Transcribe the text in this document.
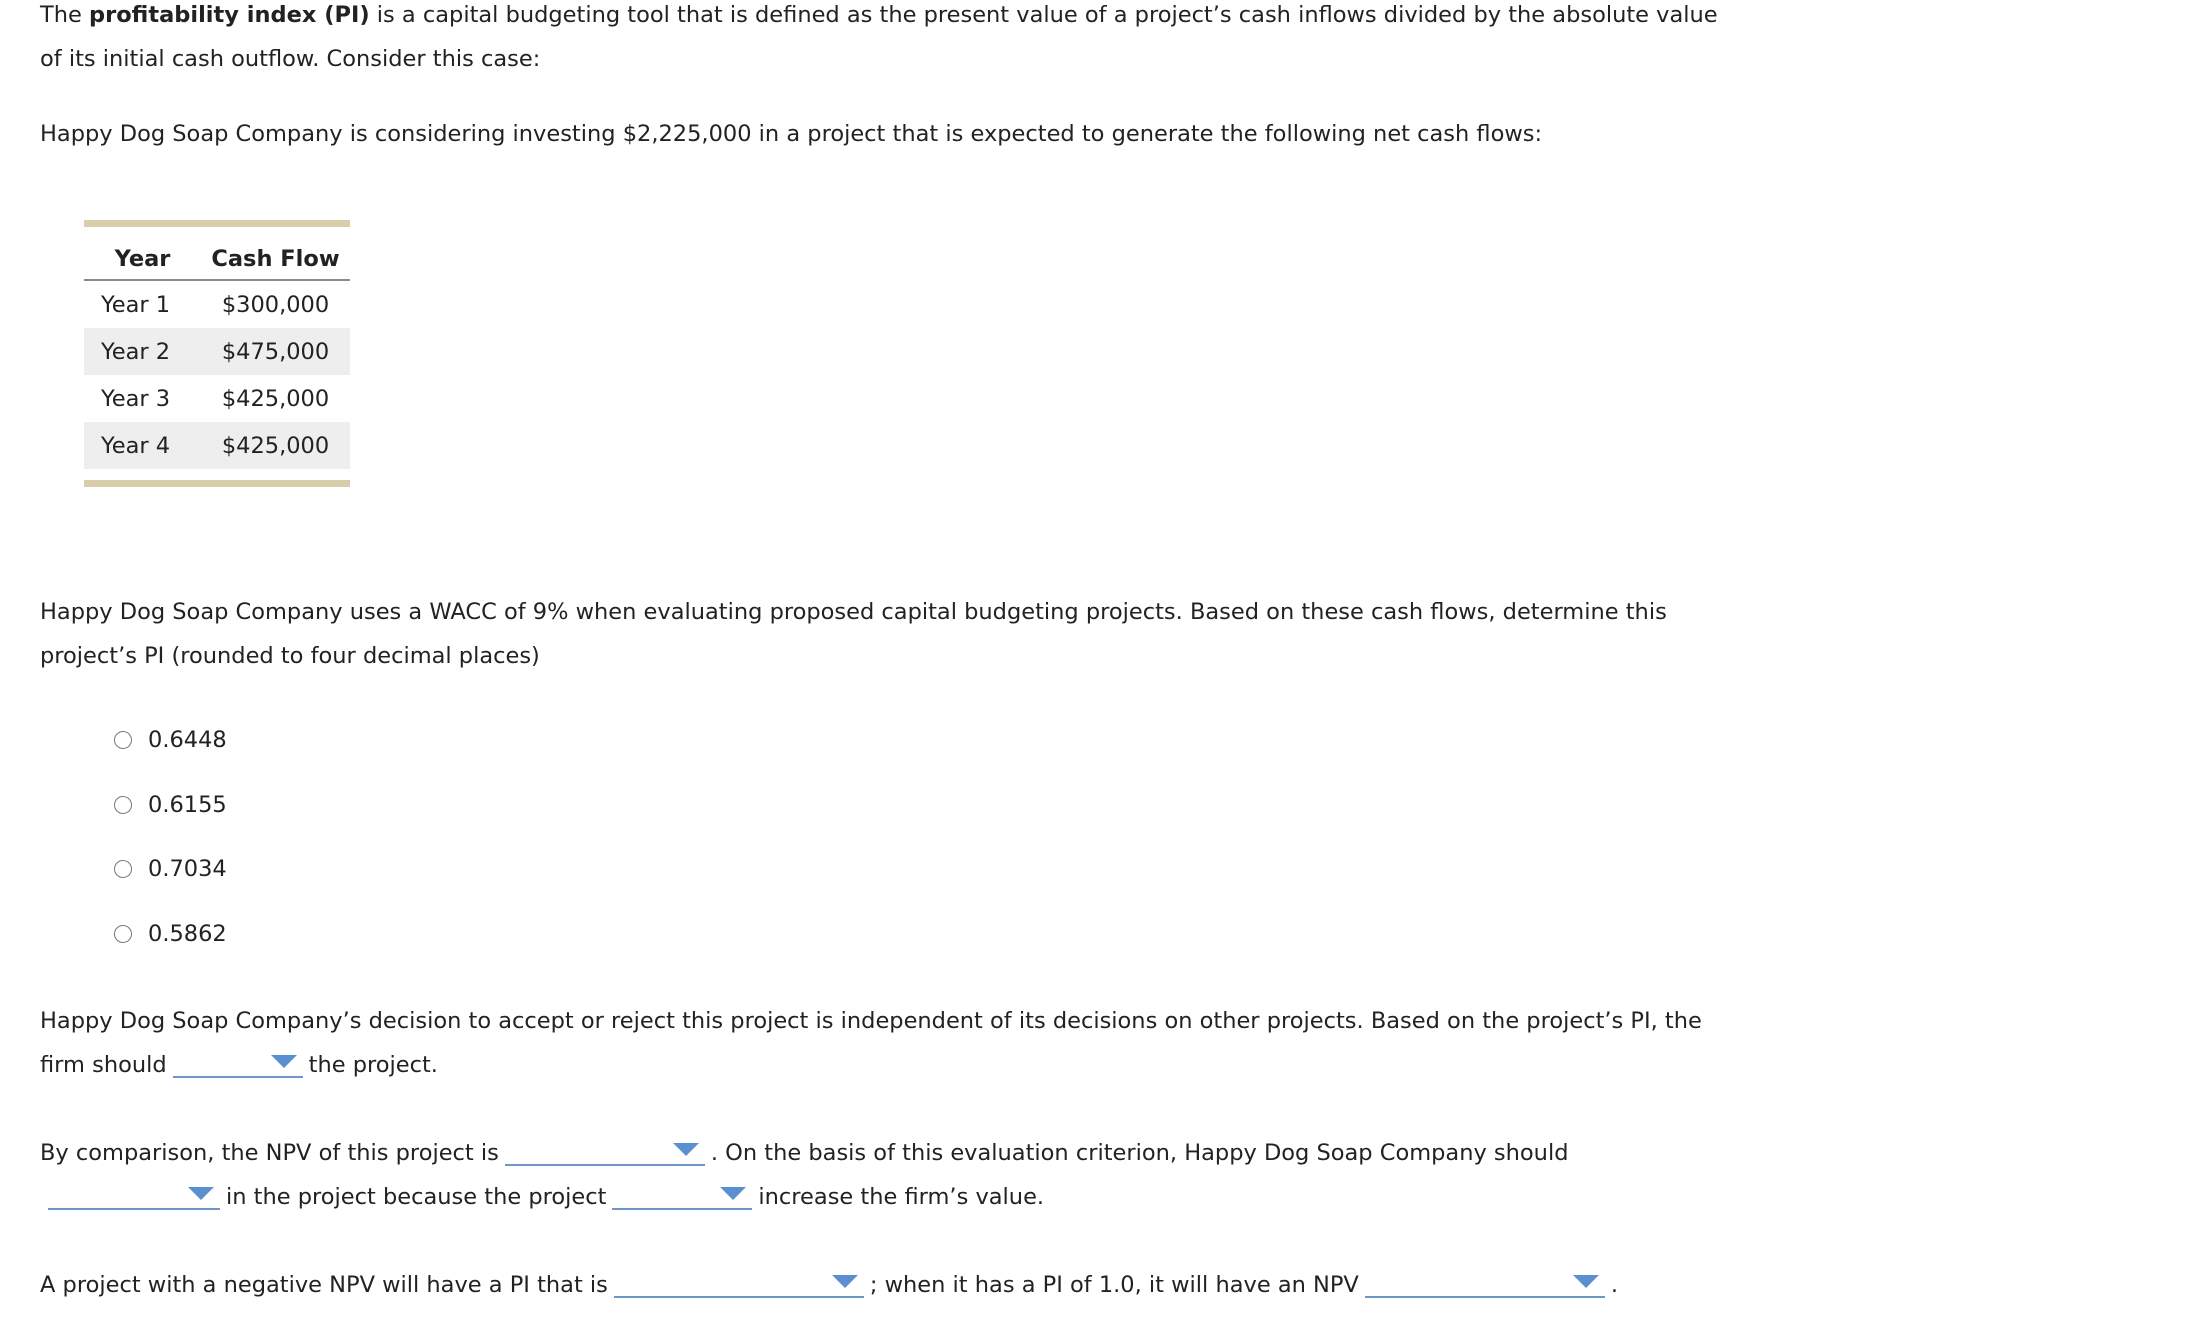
The profitability index (PI) is a capital budgeting tool that is defined as the present value of a project’s cash inflows divided by the absolute value of its initial cash outflow. Consider this case:

Happy Dog Soap Company is considering investing $2,225,000 in a project that is expected to generate the following net cash flows:

Year	Cash Flow
Year 1	$300,000
Year 2	$475,000
Year 3	$425,000
Year 4	$425,000

Happy Dog Soap Company uses a WACC of 9% when evaluating proposed capital budgeting projects. Based on these cash flows, determine this project’s PI (rounded to four decimal places)

0.6448
0.6155
0.7034
0.5862

Happy Dog Soap Company’s decision to accept or reject this project is independent of its decisions on other projects. Based on the project’s PI, the firm should	the project.

By comparison, the NPV of this project is	. On the basis of this evaluation criterion, Happy Dog Soap Company should

in the project because the project	increase the firm’s value.

A project with a negative NPV will have a PI that is	; when it has a PI of 1.0, it will have an NPV	.
